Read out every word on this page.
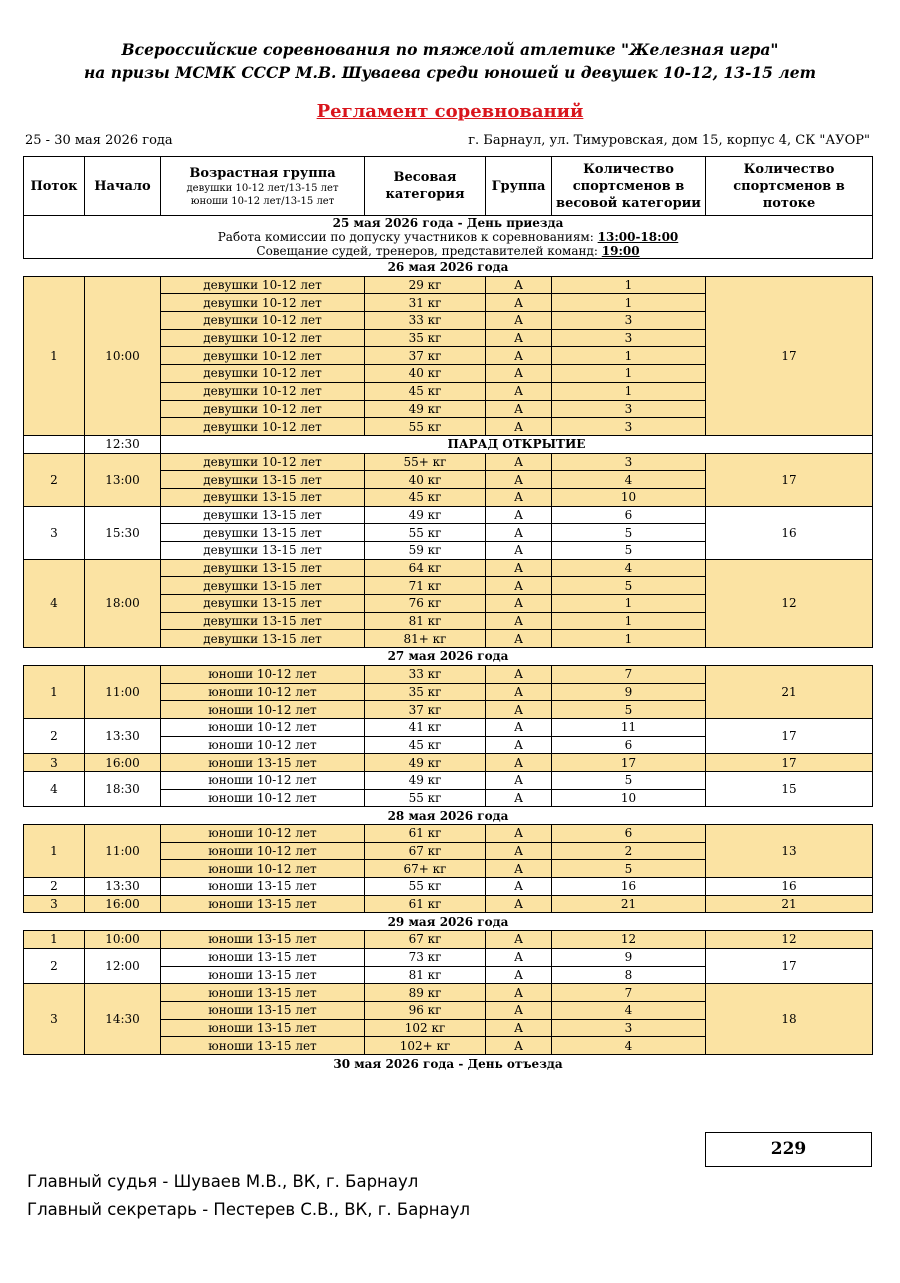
Всероссийские соревнования по тяжелой атлетике "Железная игра"
на призы МСМК СССР М.В. Шуваева среди юношей и девушек 10-12, 13-15 лет
Регламент соревнований
25 - 30 мая 2026 года	г. Барнаул, ул. Тимуровская, дом 15, корпус 4, СК "АУОР"
Поток	Начало	Возрастная группа
девушки 10-12 лет/13-15 лет
юноши 10-12 лет/13-15 лет	Весовая категория	Группа	Количество спортсменов в весовой категории	Количество спортсменов в потоке

25 мая 2026 года - День приезда
Работа комиссии по допуску участников к соревнованиям: 13:00-18:00
Совещание судей, тренеров, представителей команд: 19:00						

26 мая 2026 года						
1	10:00	девушки 10-12 лет	29 кг	А	1	17
		девушки 10-12 лет	31 кг	А	1	
		девушки 10-12 лет	33 кг	А	3	
		девушки 10-12 лет	35 кг	А	3	
		девушки 10-12 лет	37 кг	А	1	
		девушки 10-12 лет	40 кг	А	1	
		девушки 10-12 лет	45 кг	А	1	
		девушки 10-12 лет	49 кг	А	3	
		девушки 10-12 лет	55 кг	А	3	
	12:30	ПАРАД ОТКРЫТИЕ				
2	13:00	девушки 10-12 лет	55+ кг	А	3	17
		девушки 13-15 лет	40 кг	А	4	
		девушки 13-15 лет	45 кг	А	10	
3	15:30	девушки 13-15 лет	49 кг	А	6	16
		девушки 13-15 лет	55 кг	А	5	
		девушки 13-15 лет	59 кг	А	5	
4	18:00	девушки 13-15 лет	64 кг	А	4	12
		девушки 13-15 лет	71 кг	А	5	
		девушки 13-15 лет	76 кг	А	1	
		девушки 13-15 лет	81 кг	А	1	
		девушки 13-15 лет	81+ кг	А	1	
27 мая 2026 года						
1	11:00	юноши 10-12 лет	33 кг	А	7	21
		юноши 10-12 лет	35 кг	А	9	
		юноши 10-12 лет	37 кг	А	5	
2	13:30	юноши 10-12 лет	41 кг	А	11	17
		юноши 10-12 лет	45 кг	А	6	
3	16:00	юноши 13-15 лет	49 кг	А	17	17
4	18:30	юноши 10-12 лет	49 кг	А	5	15
		юноши 10-12 лет	55 кг	А	10	
28 мая 2026 года						
1	11:00	юноши 10-12 лет	61 кг	А	6	13
		юноши 10-12 лет	67 кг	А	2	
		юноши 10-12 лет	67+ кг	А	5	
2	13:30	юноши 13-15 лет	55 кг	А	16	16
3	16:00	юноши 13-15 лет	61 кг	А	21	21
29 мая 2026 года						
1	10:00	юноши 13-15 лет	67 кг	А	12	12
2	12:00	юноши 13-15 лет	73 кг	А	9	17
		юноши 13-15 лет	81 кг	А	8	
3	14:30	юноши 13-15 лет	89 кг	А	7	18
		юноши 13-15 лет	96 кг	А	4	
		юноши 13-15 лет	102 кг	А	3	
		юноши 13-15 лет	102+ кг	А	4	
30 мая 2026 года - День отъезда						
229
Главный судья - Шуваев М.В., ВК, г. Барнаул
Главный секретарь - Пестерев С.В., ВК, г. Барнаул
